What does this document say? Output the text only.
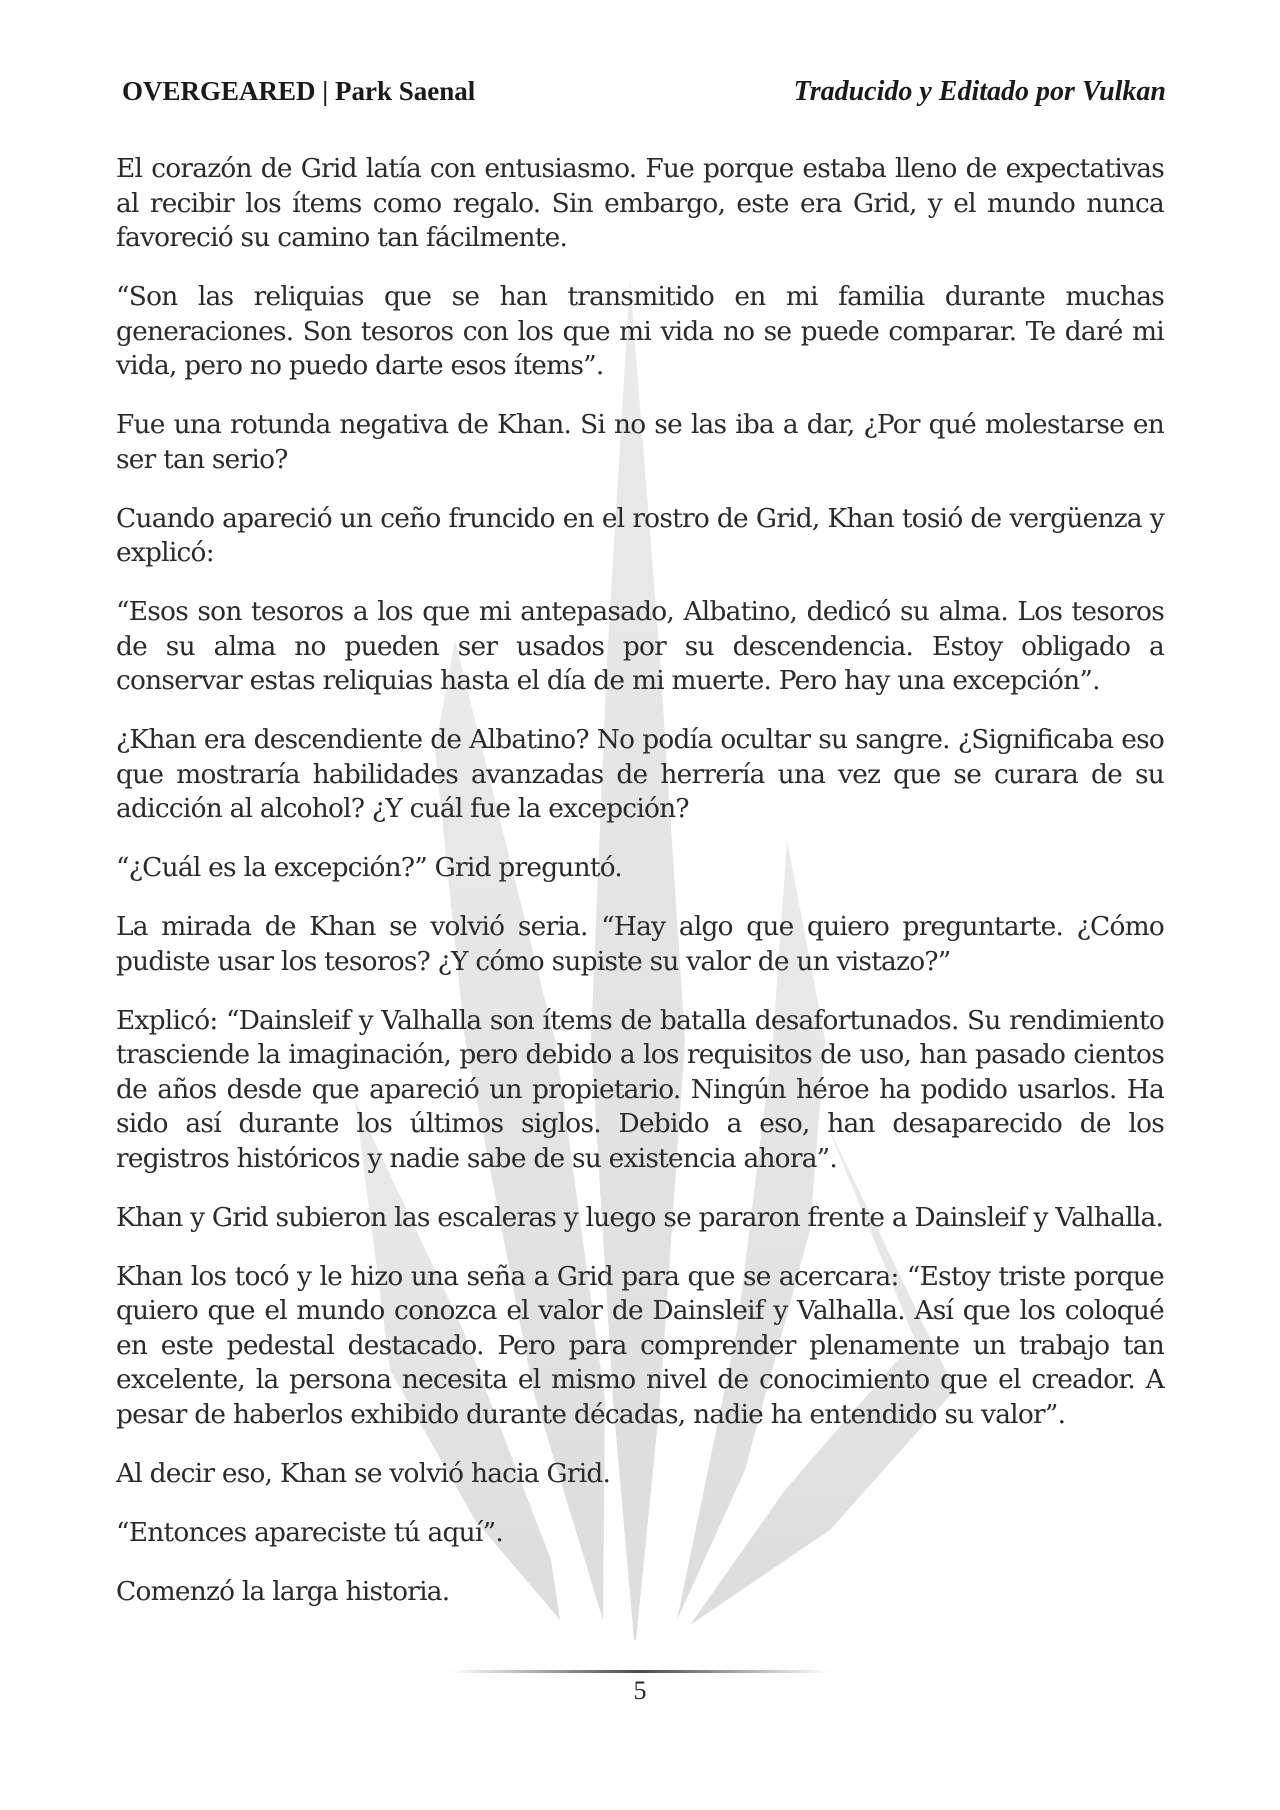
OVERGEARED | Park Saenal	Traducido y Editado por Vulkan

El corazón de Grid latía con entusiasmo. Fue porque estaba lleno de expectativas al recibir los ítems como regalo. Sin embargo, este era Grid, y el mundo nunca favoreció su camino tan fácilmente.

“Son las reliquias que se han transmitido en mi familia durante muchas generaciones. Son tesoros con los que mi vida no se puede comparar. Te daré mi vida, pero no puedo darte esos ítems”.

Fue una rotunda negativa de Khan. Si no se las iba a dar, ¿Por qué molestarse en ser tan serio?

Cuando apareció un ceño fruncido en el rostro de Grid, Khan tosió de vergüenza y explicó:

“Esos son tesoros a los que mi antepasado, Albatino, dedicó su alma. Los tesoros de su alma no pueden ser usados por su descendencia. Estoy obligado a conservar estas reliquias hasta el día de mi muerte. Pero hay una excepción”.

¿Khan era descendiente de Albatino? No podía ocultar su sangre. ¿Significaba eso que mostraría habilidades avanzadas de herrería una vez que se curara de su adicción al alcohol? ¿Y cuál fue la excepción?

“¿Cuál es la excepción?” Grid preguntó.

La mirada de Khan se volvió seria. “Hay algo que quiero preguntarte. ¿Cómo pudiste usar los tesoros? ¿Y cómo supiste su valor de un vistazo?”

Explicó: “Dainsleif y Valhalla son ítems de batalla desafortunados. Su rendimiento trasciende la imaginación, pero debido a los requisitos de uso, han pasado cientos de años desde que apareció un propietario. Ningún héroe ha podido usarlos. Ha sido así durante los últimos siglos. Debido a eso, han desaparecido de los registros históricos y nadie sabe de su existencia ahora”.

Khan y Grid subieron las escaleras y luego se pararon frente a Dainsleif y Valhalla.

Khan los tocó y le hizo una seña a Grid para que se acercara: “Estoy triste porque quiero que el mundo conozca el valor de Dainsleif y Valhalla. Así que los coloqué en este pedestal destacado. Pero para comprender plenamente un trabajo tan excelente, la persona necesita el mismo nivel de conocimiento que el creador. A pesar de haberlos exhibido durante décadas, nadie ha entendido su valor”.

Al decir eso, Khan se volvió hacia Grid.

“Entonces apareciste tú aquí”.

Comenzó la larga historia.

5
